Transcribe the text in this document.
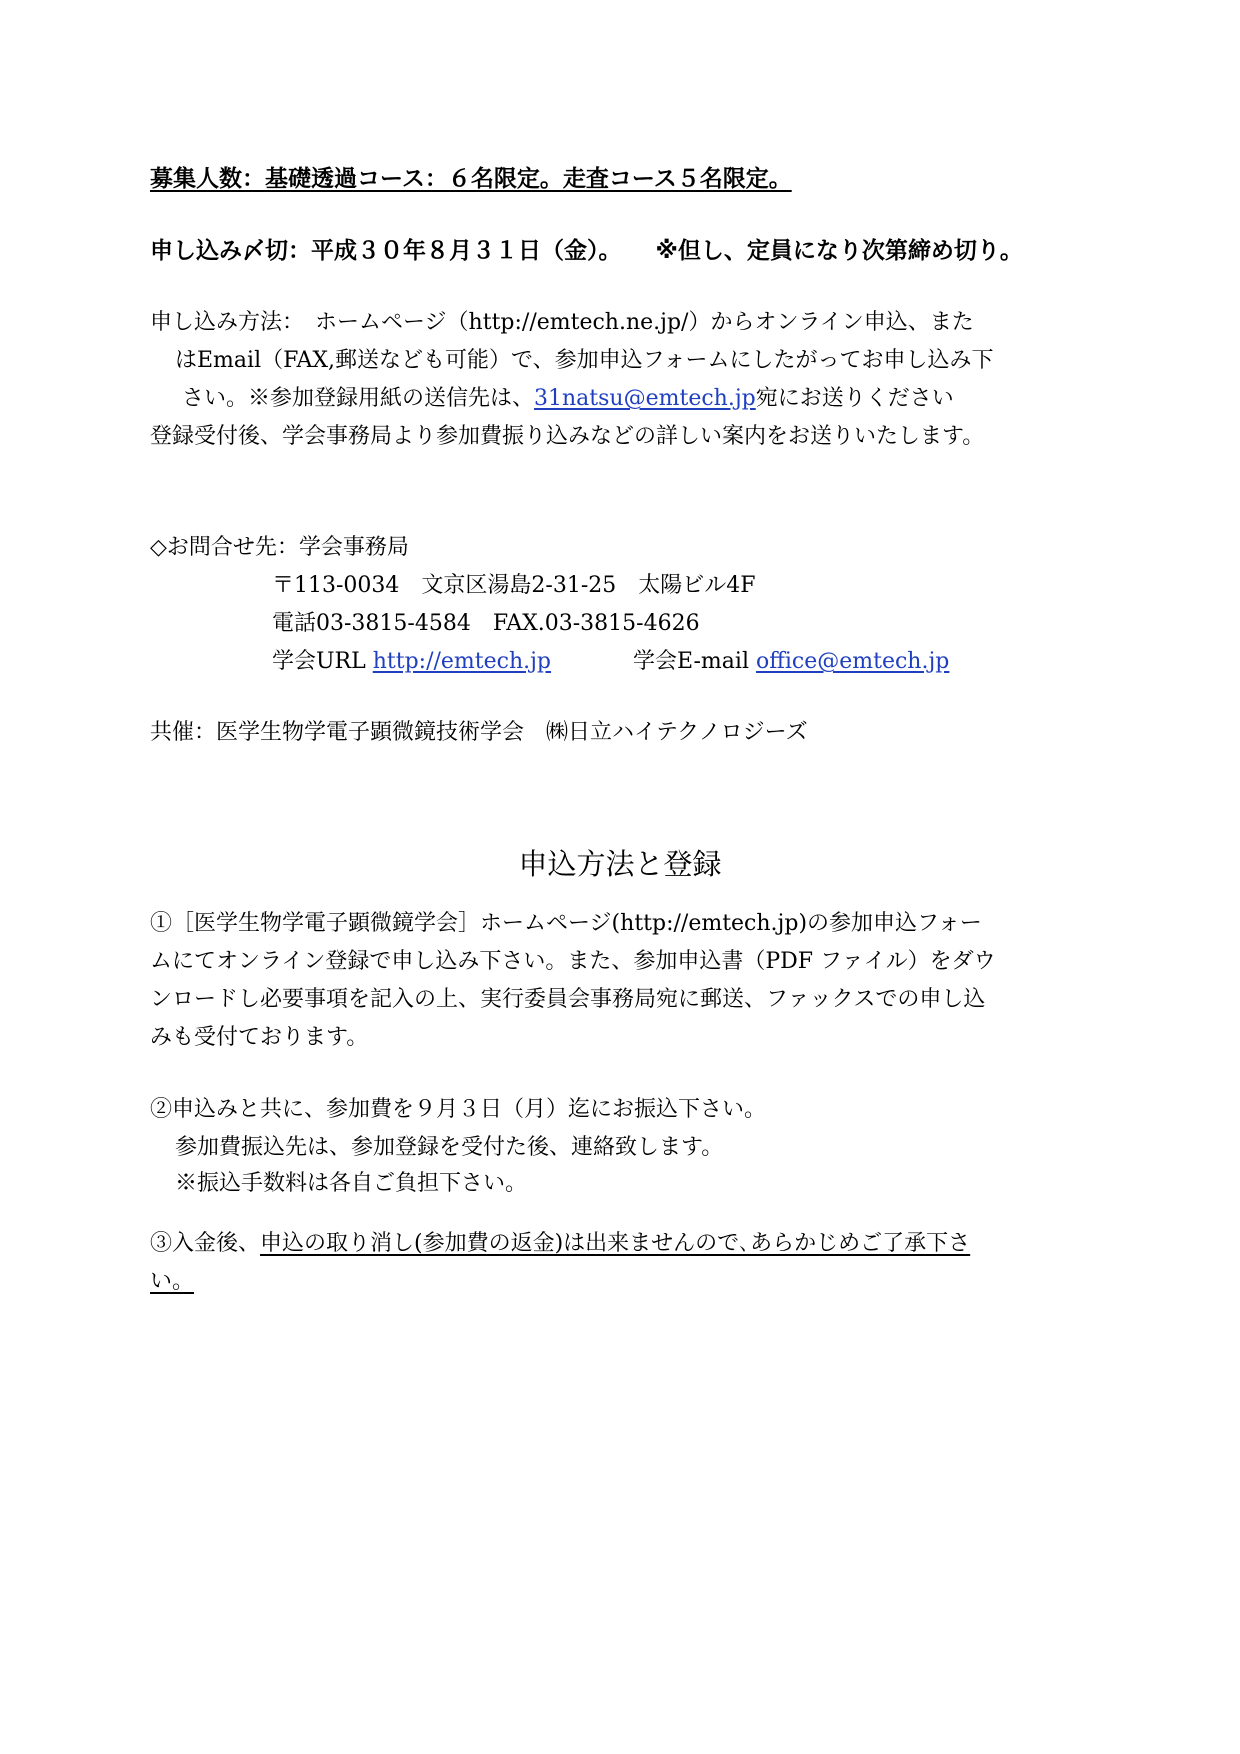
募集人数：基礎透過コース：６名限定。走査コース５名限定。
申し込み〆切：平成３０年８月３１日（金）。 ※但し、定員になり次第締め切り。
申し込み方法：　ホームページ（http://emtech.ne.jp/）からオンライン申込、また
はEmail（FAX,郵送なども可能）で、参加申込フォームにしたがってお申し込み下
さい。※参加登録用紙の送信先は、31natsu@emtech.jp宛にお送りください
登録受付後、学会事務局より参加費振り込みなどの詳しい案内をお送りいたします。
◇お問合せ先：学会事務局
〒113-0034　文京区湯島2-31-25　太陽ビル4F
電話03-3815-4584　FAX.03-3815-4626
学会URL http://emtech.jp	学会E-mail office@emtech.jp
共催：医学生物学電子顕微鏡技術学会　㈱日立ハイテクノロジーズ
申込方法と登録
①［医学生物学電子顕微鏡学会］ホームページ(http://emtech.jp)の参加申込フォー
ムにてオンライン登録で申し込み下さい。また、参加申込書（PDF ファイル）をダウ
ンロードし必要事項を記入の上、実行委員会事務局宛に郵送、ファックスでの申し込
みも受付ております。
②申込みと共に、参加費を９月３日（月）迄にお振込下さい。
参加費振込先は、参加登録を受付た後、連絡致します。
※振込手数料は各自ご負担下さい。
③入金後、申込の取り消し(参加費の返金)は出来ませんので､あらかじめご了承下さ
い。
